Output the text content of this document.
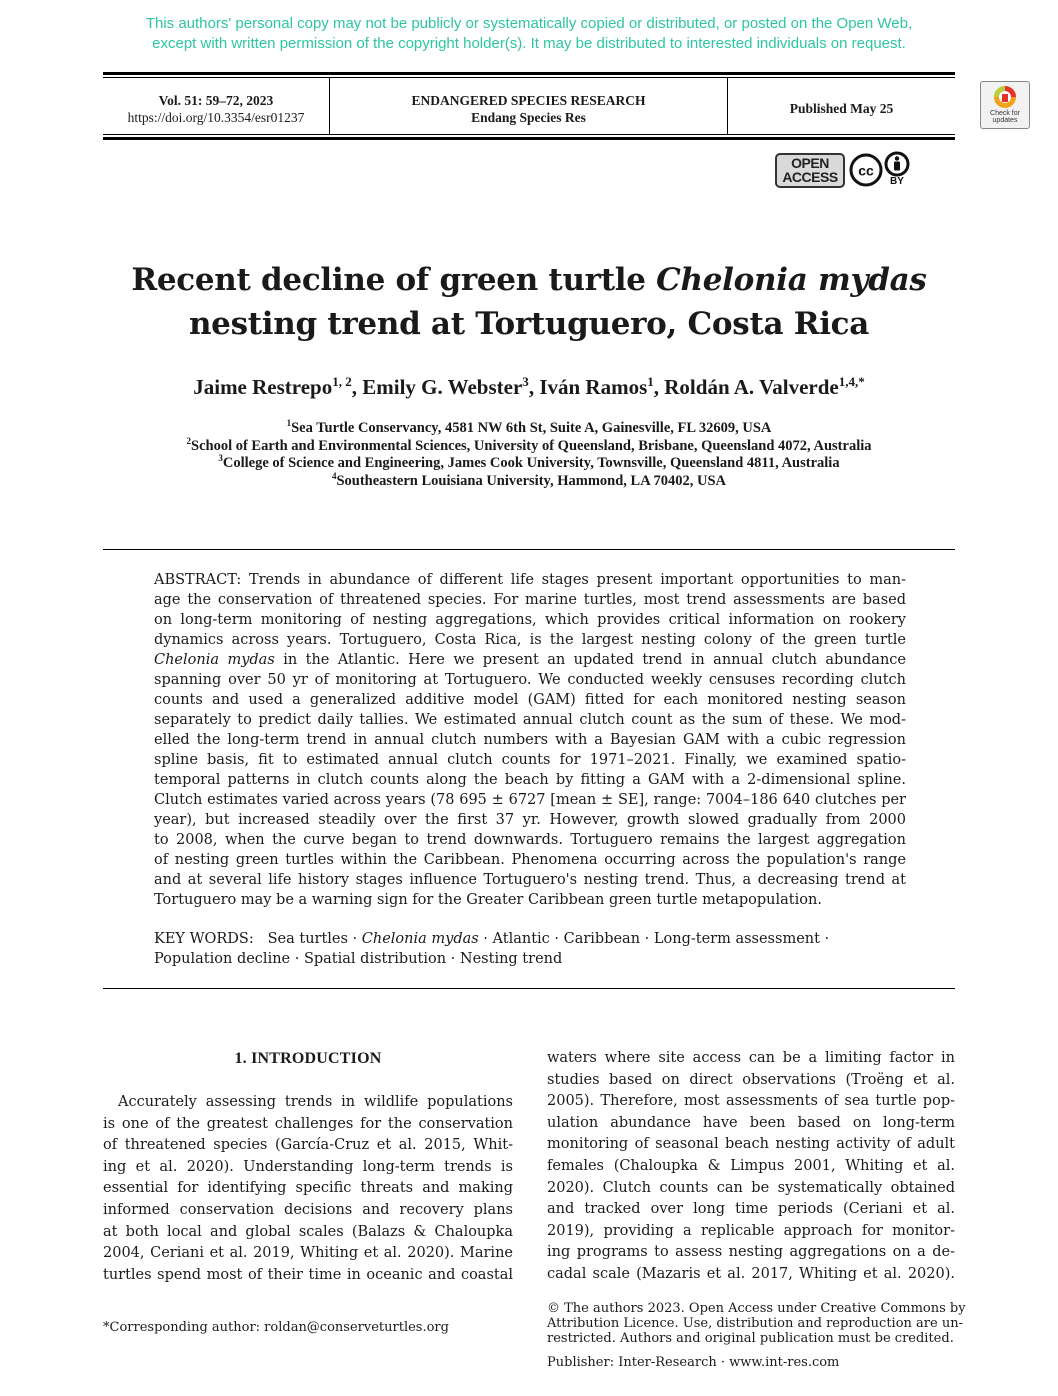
This authors' personal copy may not be publicly or systematically copied or distributed, or posted on the Open Web,
except with written permission of the copyright holder(s). It may be distributed to interested individuals on request.
Vol. 51: 59–72, 2023
https://doi.org/10.3354/esr01237
ENDANGERED SPECIES RESEARCH
Endang Species Res
Published May 25	Check for
updates
OPEN
ACCESS	cc
BY
Recent decline of green turtle Chelonia mydas
nesting trend at Tortuguero, Costa Rica
Jaime Restrepo$^{1, 2}$, Emily G. Webster$^3$, Iván Ramos$^1$, Roldán A. Valverde$^{1,4,*}$
$^1$Sea Turtle Conservancy, 4581 NW 6th St, Suite A, Gainesville, FL 32609, USA
$^2$School of Earth and Environmental Sciences, University of Queensland, Brisbane, Queensland 4072, Australia
$^3$College of Science and Engineering, James Cook University, Townsville, Queensland 4811, Australia
$^4$Southeastern Louisiana University, Hammond, LA 70402, USA
ABSTRACT: Trends in abundance of different life stages present important opportunities to man-
age the conservation of threatened species. For marine turtles, most trend assessments are based
on long-term monitoring of nesting aggregations, which provides critical information on rookery
dynamics across years. Tortuguero, Costa Rica, is the largest nesting colony of the green turtle
Chelonia mydas in the Atlantic. Here we present an updated trend in annual clutch abundance
spanning over 50 yr of monitoring at Tortuguero. We conducted weekly censuses recording clutch
counts and used a generalized additive model (GAM) fitted for each monitored nesting season
separately to predict daily tallies. We estimated annual clutch count as the sum of these. We mod-
elled the long-term trend in annual clutch numbers with a Bayesian GAM with a cubic regression
spline basis, fit to estimated annual clutch counts for 1971–2021. Finally, we examined spatio-
temporal patterns in clutch counts along the beach by fitting a GAM with a 2-dimensional spline.
Clutch estimates varied across years (78 695 ± 6727 [mean ± SE], range: 7004–186 640 clutches per
year), but increased steadily over the first 37 yr. However, growth slowed gradually from 2000
to 2008, when the curve began to trend downwards. Tortuguero remains the largest aggregation
of nesting green turtles within the Caribbean. Phenomena occurring across the population's range
and at several life history stages influence Tortuguero's nesting trend. Thus, a decreasing trend at
Tortuguero may be a warning sign for the Greater Caribbean green turtle metapopulation.
KEY WORDS: Sea turtles · Chelonia mydas · Atlantic · Caribbean · Long-term assessment ·
Population decline · Spatial distribution · Nesting trend
1. INTRODUCTION
Accurately assessing trends in wildlife populations
is one of the greatest challenges for the conservation
of threatened species (García-Cruz et al. 2015, Whit-
ing et al. 2020). Understanding long-term trends is
essential for identifying specific threats and making
informed conservation decisions and recovery plans
at both local and global scales (Balazs & Chaloupka
2004, Ceriani et al. 2019, Whiting et al. 2020). Marine
turtles spend most of their time in oceanic and coastal
waters where site access can be a limiting factor in
studies based on direct observations (Troëng et al.
2005). Therefore, most assessments of sea turtle pop-
ulation abundance have been based on long-term
monitoring of seasonal beach nesting activity of adult
females (Chaloupka & Limpus 2001, Whiting et al.
2020). Clutch counts can be systematically obtained
and tracked over long time periods (Ceriani et al.
2019), providing a replicable approach for monitor-
ing programs to assess nesting aggregations on a de-
cadal scale (Mazaris et al. 2017, Whiting et al. 2020).
*Corresponding author: roldan@conserveturtles.org
© The authors 2023. Open Access under Creative Commons by
Attribution Licence. Use, distribution and reproduction are un-
restricted. Authors and original publication must be credited.
Publisher: Inter-Research · www.int-res.com
